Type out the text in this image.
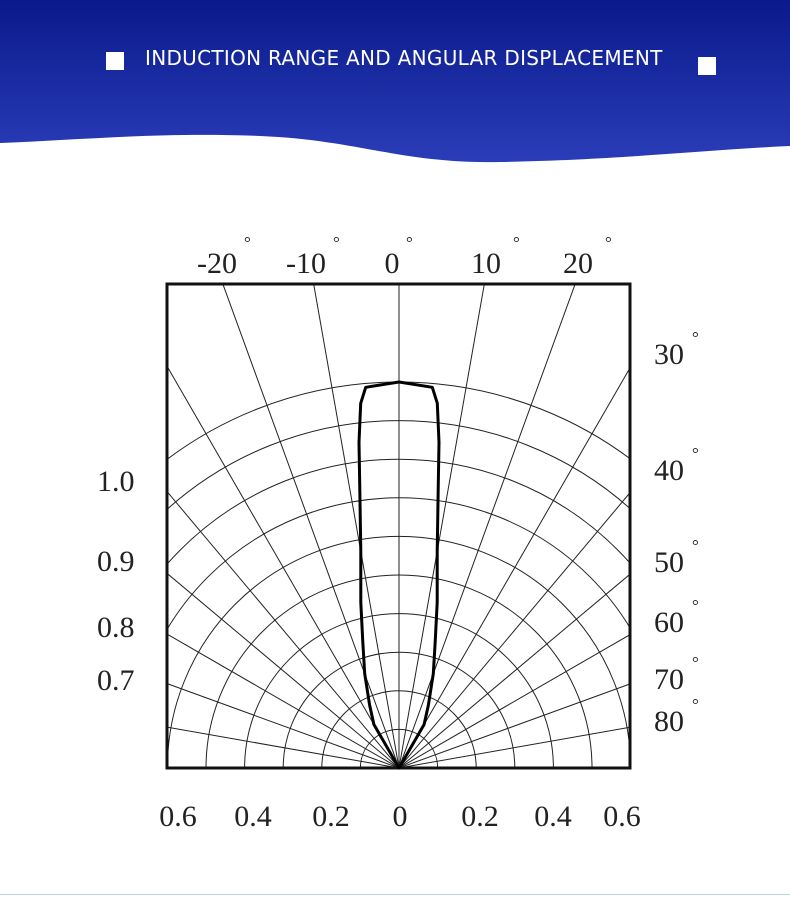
INDUCTION RANGE AND ANGULAR DISPLACEMENT
-20
°
-10
°
0
°
10
°
20
°
30
°
40
°
50
°
60
°
70
°
80
°
1.0
0.9
0.8
0.7
0.6 0.4 0.2 0 0.2 0.4 0.6
